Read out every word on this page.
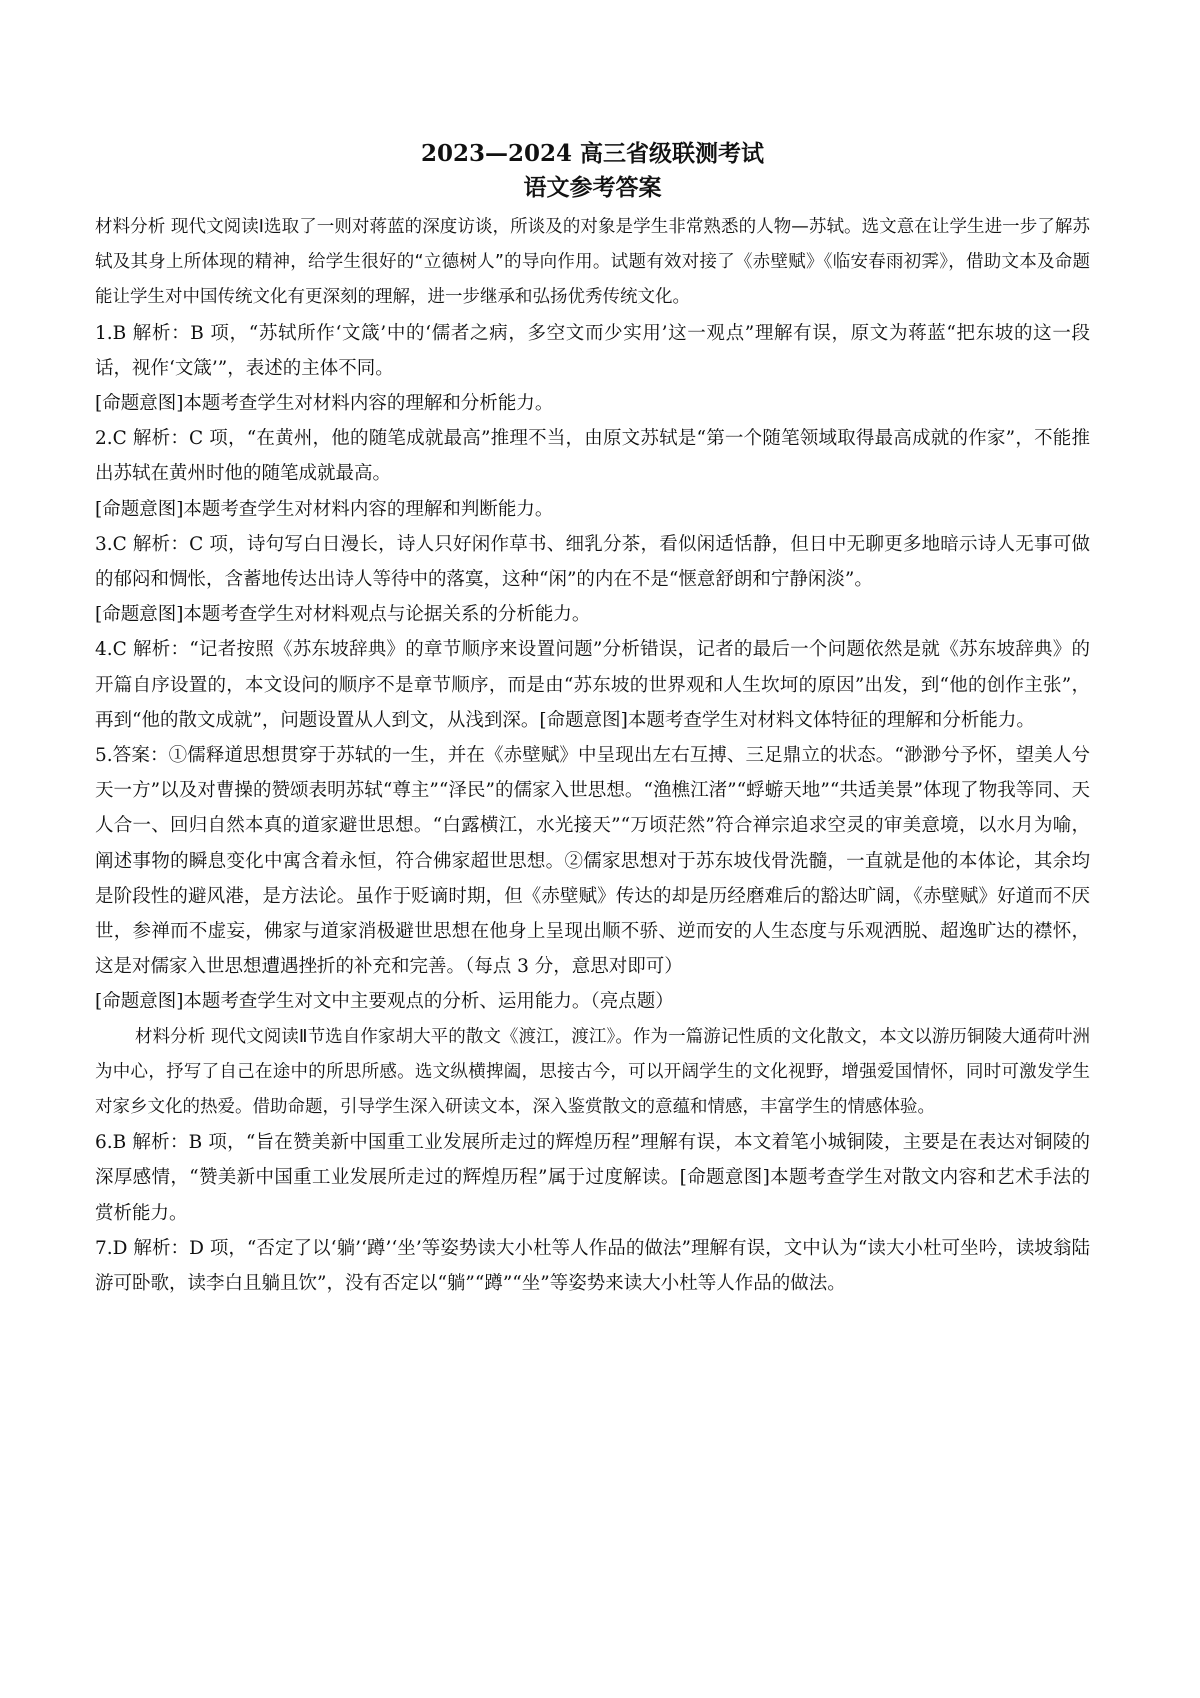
2023—2024 高三省级联测考试
语文参考答案

材料分析 现代文阅读Ⅰ选取了一则对蒋蓝的深度访谈，所谈及的对象是学生非常熟悉的人物—苏轼。选文意在让学生进一步了解苏轼及其身上所体现的精神，给学生很好的“立德树人”的导向作用。试题有效对接了《赤壁赋》《临安春雨初霁》，借助文本及命题能让学生对中国传统文化有更深刻的理解，进一步继承和弘扬优秀传统文化。

1.B 解析：B 项，“苏轼所作‘文箴’中的‘儒者之病，多空文而少实用’这一观点”理解有误，原文为蒋蓝“把东坡的这一段话，视作‘文箴’”，表述的主体不同。

[命题意图]本题考查学生对材料内容的理解和分析能力。

2.C 解析：C 项，“在黄州，他的随笔成就最高”推理不当，由原文苏轼是“第一个随笔领域取得最高成就的作家”，不能推出苏轼在黄州时他的随笔成就最高。

[命题意图]本题考查学生对材料内容的理解和判断能力。

3.C 解析：C 项，诗句写白日漫长，诗人只好闲作草书、细乳分茶，看似闲适恬静，但日中无聊更多地暗示诗人无事可做的郁闷和惆怅，含蓄地传达出诗人等待中的落寞，这种“闲”的内在不是“惬意舒朗和宁静闲淡”。

[命题意图]本题考查学生对材料观点与论据关系的分析能力。

4.C 解析：“记者按照《苏东坡辞典》的章节顺序来设置问题”分析错误，记者的最后一个问题依然是就《苏东坡辞典》的开篇自序设置的，本文设问的顺序不是章节顺序，而是由“苏东坡的世界观和人生坎坷的原因”出发，到“他的创作主张”，再到“他的散文成就”，问题设置从人到文，从浅到深。[命题意图]本题考查学生对材料文体特征的理解和分析能力。

5.答案：①儒释道思想贯穿于苏轼的一生，并在《赤壁赋》中呈现出左右互搏、三足鼎立的状态。“渺渺兮予怀，望美人兮天一方”以及对曹操的赞颂表明苏轼“尊主”“泽民”的儒家入世思想。“渔樵江渚”“蜉蝣天地”“共适美景”体现了物我等同、天人合一、回归自然本真的道家避世思想。“白露横江，水光接天”“万顷茫然”符合禅宗追求空灵的审美意境，以水月为喻，阐述事物的瞬息变化中寓含着永恒，符合佛家超世思想。②儒家思想对于苏东坡伐骨洗髓，一直就是他的本体论，其余均是阶段性的避风港，是方法论。虽作于贬谪时期，但《赤壁赋》传达的却是历经磨难后的豁达旷阔，《赤壁赋》好道而不厌世，参禅而不虚妄，佛家与道家消极避世思想在他身上呈现出顺不骄、逆而安的人生态度与乐观洒脱、超逸旷达的襟怀，这是对儒家入世思想遭遇挫折的补充和完善。（每点 3 分，意思对即可）

[命题意图]本题考查学生对文中主要观点的分析、运用能力。（亮点题）

材料分析 现代文阅读Ⅱ节选自作家胡大平的散文《渡江，渡江》。作为一篇游记性质的文化散文，本文以游历铜陵大通荷叶洲为中心，抒写了自己在途中的所思所感。选文纵横捭阖，思接古今，可以开阔学生的文化视野，增强爱国情怀，同时可激发学生对家乡文化的热爱。借助命题，引导学生深入研读文本，深入鉴赏散文的意蕴和情感，丰富学生的情感体验。

6.B 解析：B 项，“旨在赞美新中国重工业发展所走过的辉煌历程”理解有误，本文着笔小城铜陵，主要是在表达对铜陵的深厚感情，“赞美新中国重工业发展所走过的辉煌历程”属于过度解读。[命题意图]本题考查学生对散文内容和艺术手法的赏析能力。

7.D 解析：D 项，“否定了以‘躺’‘蹲’‘坐’等姿势读大小杜等人作品的做法”理解有误，文中认为“读大小杜可坐吟，读坡翁陆游可卧歌，读李白且躺且饮”，没有否定以“躺”“蹲”“坐”等姿势来读大小杜等人作品的做法。
